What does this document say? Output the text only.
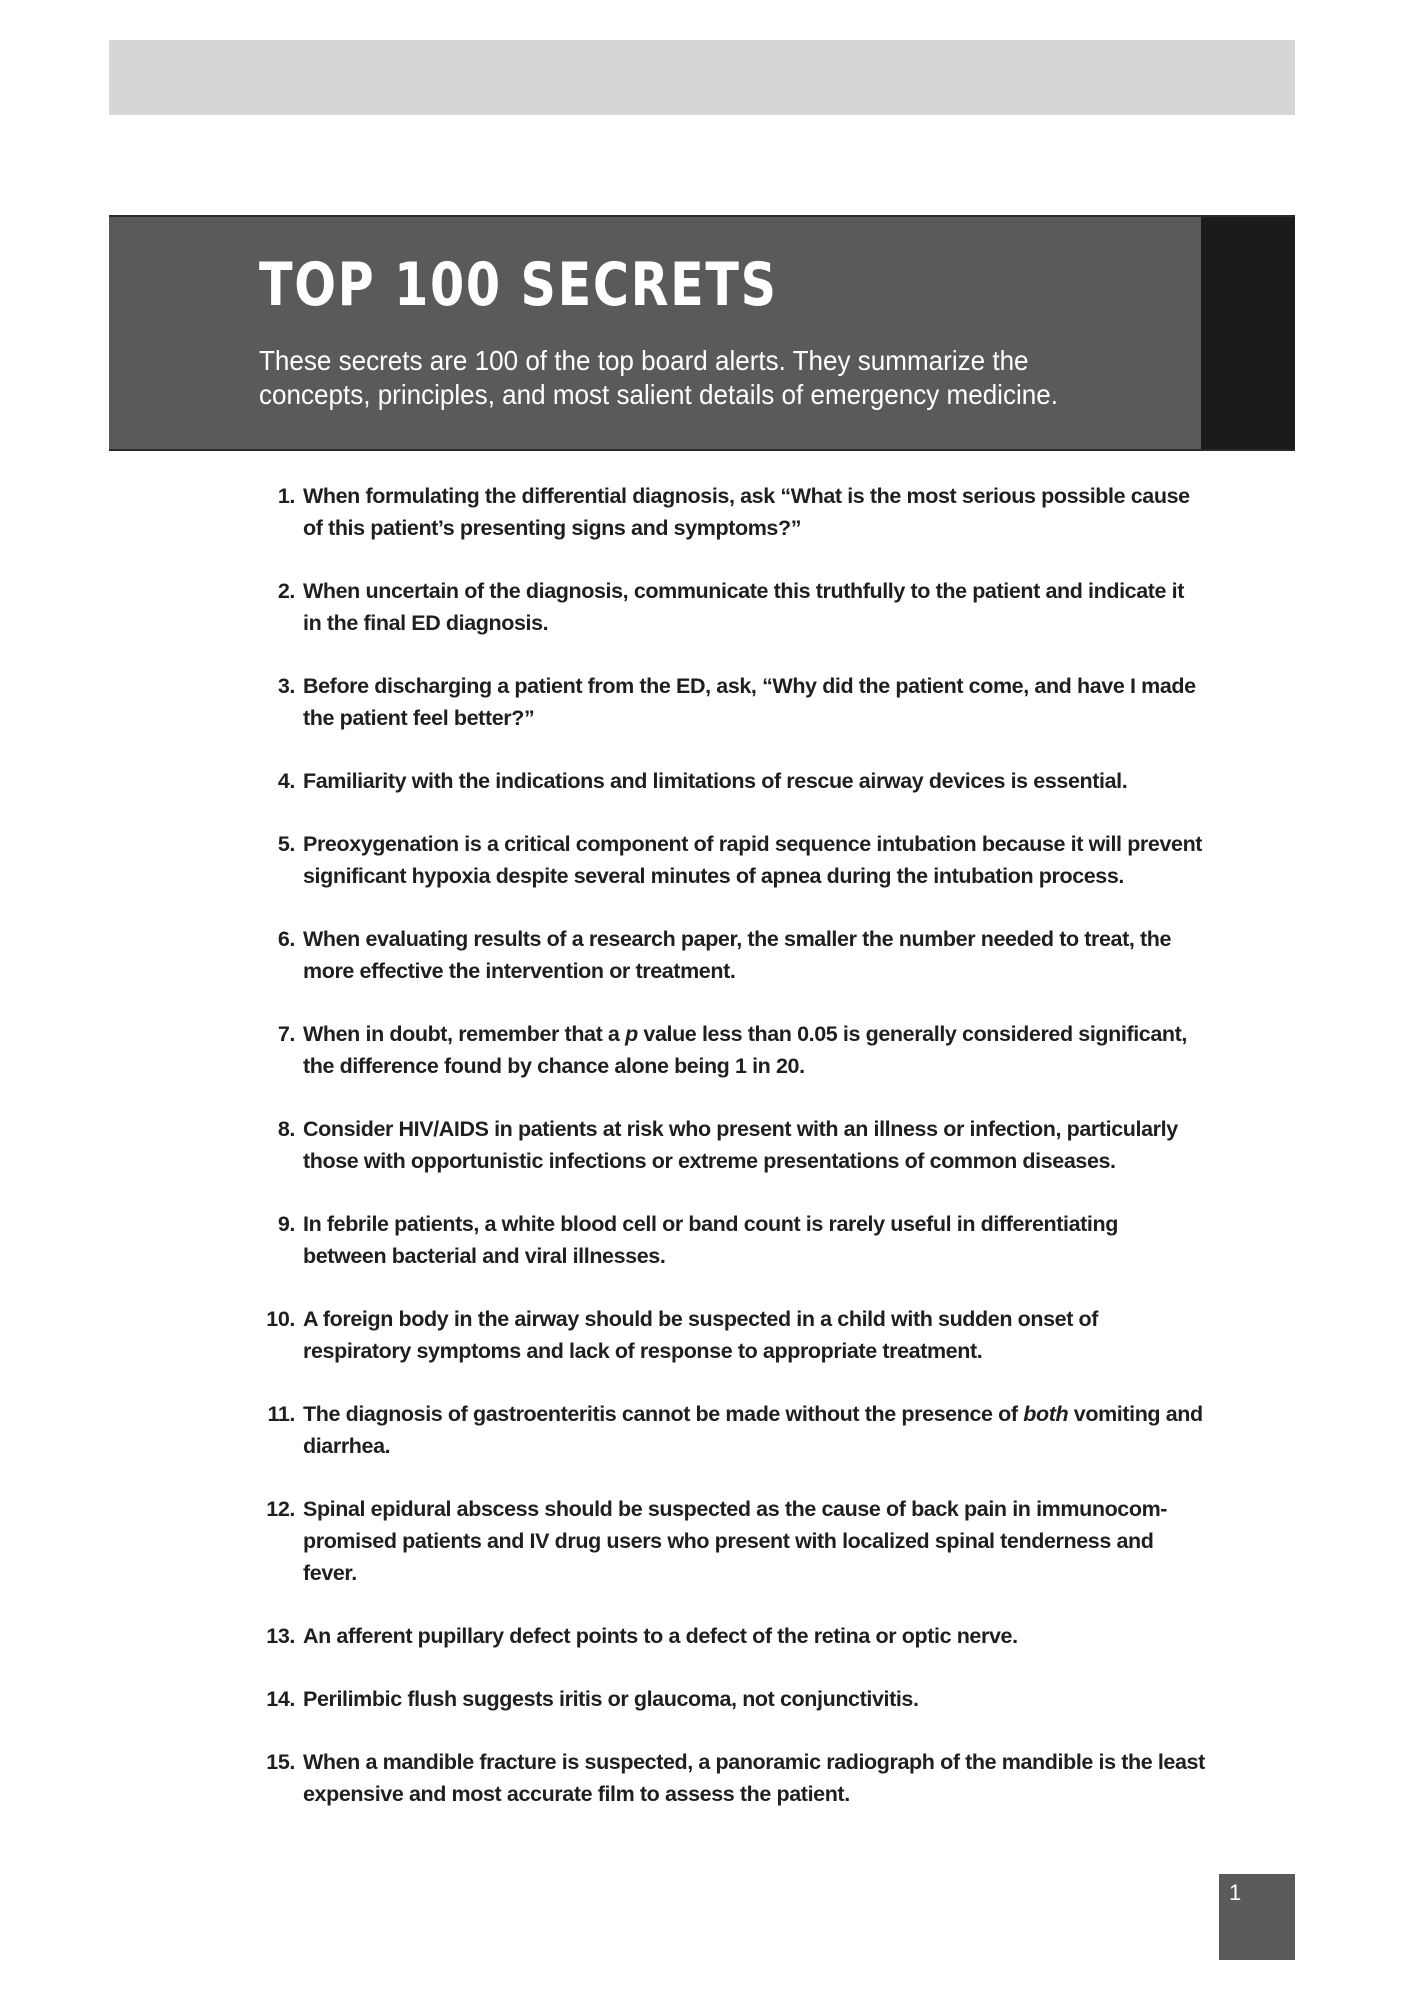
TOP 100 SECRETS

These secrets are 100 of the top board alerts. They summarize the concepts, principles, and most salient details of emergency medicine.

1. When formulating the differential diagnosis, ask “What is the most serious possible cause of this patient’s presenting signs and symptoms?”
2. When uncertain of the diagnosis, communicate this truthfully to the patient and indicate it in the final ED diagnosis.
3. Before discharging a patient from the ED, ask, “Why did the patient come, and have I made the patient feel better?”
4. Familiarity with the indications and limitations of rescue airway devices is essential.
5. Preoxygenation is a critical component of rapid sequence intubation because it will prevent significant hypoxia despite several minutes of apnea during the intubation process.
6. When evaluating results of a research paper, the smaller the number needed to treat, the more effective the intervention or treatment.
7. When in doubt, remember that a p value less than 0.05 is generally considered significant, the difference found by chance alone being 1 in 20.
8. Consider HIV/AIDS in patients at risk who present with an illness or infection, particularly those with opportunistic infections or extreme presentations of common diseases.
9. In febrile patients, a white blood cell or band count is rarely useful in differentiating between bacterial and viral illnesses.
10. A foreign body in the airway should be suspected in a child with sudden onset of respiratory symptoms and lack of response to appropriate treatment.
11. The diagnosis of gastroenteritis cannot be made without the presence of both vomiting and diarrhea.
12. Spinal epidural abscess should be suspected as the cause of back pain in immunocom-promised patients and IV drug users who present with localized spinal tenderness and fever.
13. An afferent pupillary defect points to a defect of the retina or optic nerve.
14. Perilimbic flush suggests iritis or glaucoma, not conjunctivitis.
15. When a mandible fracture is suspected, a panoramic radiograph of the mandible is the least expensive and most accurate film to assess the patient.
1
